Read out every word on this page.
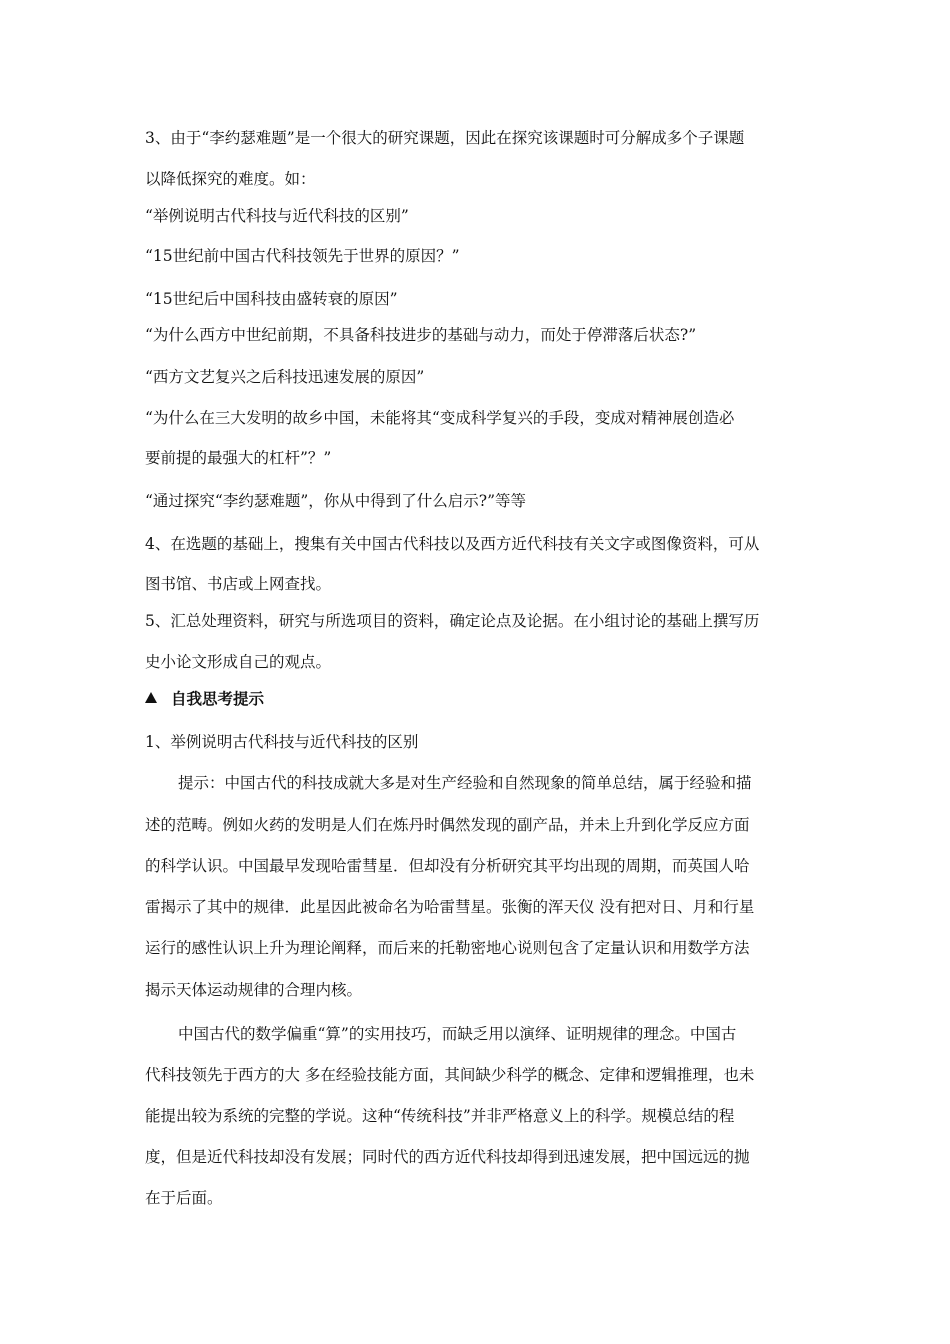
3、由于“李约瑟难题”是一个很大的研究课题，因此在探究该课题时可分解成多个子课题
以降低探究的难度。如：
“举例说明古代科技与近代科技的区别”
“15世纪前中国古代科技领先于世界的原因？”
“15世纪后中国科技由盛转衰的原因”
“为什么西方中世纪前期，不具备科技进步的基础与动力，而处于停滞落后状态?”
“西方文艺复兴之后科技迅速发展的原因”
“为什么在三大发明的故乡中国，未能将其“变成科学复兴的手段，变成对精神展创造必
要前提的最强大的杠杆”？”
“通过探究“李约瑟难题”，你从中得到了什么启示?”等等
4、在选题的基础上，搜集有关中国古代科技以及西方近代科技有关文字或图像资料，可从
图书馆、书店或上网查找。
5、汇总处理资料，研究与所选项目的资料，确定论点及论据。在小组讨论的基础上撰写历
史小论文形成自己的观点。
自我思考提示
1、举例说明古代科技与近代科技的区别
提示：中国古代的科技成就大多是对生产经验和自然现象的简单总结，属于经验和描
述的范畴。例如火药的发明是人们在炼丹时偶然发现的副产品，并未上升到化学反应方面
的科学认识。中国最早发现哈雷彗星．但却没有分析研究其平均出现的周期，而英国人哈
雷揭示了其中的规律．此星因此被命名为哈雷彗星。张衡的浑天仪 没有把对日、月和行星
运行的感性认识上升为理论阐释，而后来的托勒密地心说则包含了定量认识和用数学方法
揭示天体运动规律的合理内核。
中国古代的数学偏重“算”的实用技巧，而缺乏用以演绎、证明规律的理念。中国古
代科技领先于西方的大 多在经验技能方面，其间缺少科学的概念、定律和逻辑推理，也未
能提出较为系统的完整的学说。这种“传统科技”并非严格意义上的科学。规模总结的程
度，但是近代科技却没有发展；同时代的西方近代科技却得到迅速发展，把中国远远的抛
在于后面。
